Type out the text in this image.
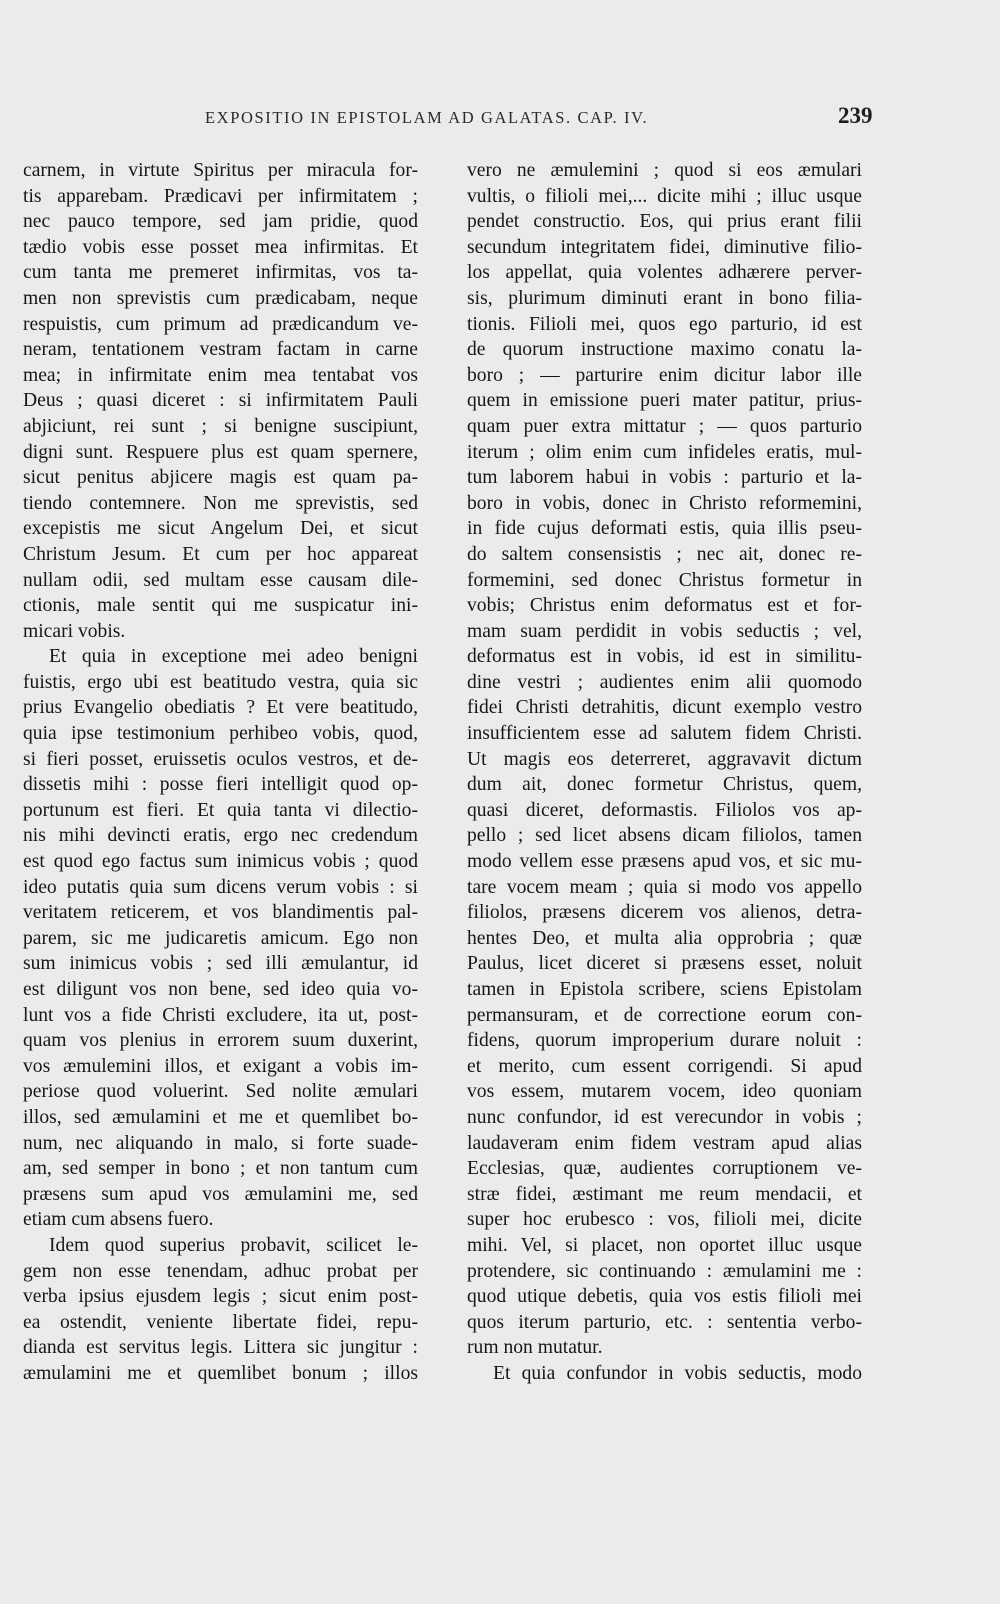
EXPOSITIO IN EPISTOLAM AD GALATAS. CAP. IV.	239
carnem, in virtute Spiritus per miracula for-
tis apparebam. Prædicavi per infirmitatem ;
nec pauco tempore, sed jam pridie, quod
tædio vobis esse posset mea infirmitas. Et
cum tanta me premeret infirmitas, vos ta-
men non sprevistis cum prædicabam, neque
respuistis, cum primum ad prædicandum ve-
neram, tentationem vestram factam in carne
mea; in infirmitate enim mea tentabat vos
Deus ; quasi diceret : si infirmitatem Pauli
abjiciunt, rei sunt ; si benigne suscipiunt,
digni sunt. Respuere plus est quam spernere,
sicut penitus abjicere magis est quam pa-
tiendo contemnere. Non me sprevistis, sed
excepistis me sicut Angelum Dei, et sicut
Christum Jesum. Et cum per hoc appareat
nullam odii, sed multam esse causam dile-
ctionis, male sentit qui me suspicatur ini-
micari vobis.
Et quia in exceptione mei adeo benigni
fuistis, ergo ubi est beatitudo vestra, quia sic
prius Evangelio obediatis ? Et vere beatitudo,
quia ipse testimonium perhibeo vobis, quod,
si fieri posset, eruissetis oculos vestros, et de-
dissetis mihi : posse fieri intelligit quod op-
portunum est fieri. Et quia tanta vi dilectio-
nis mihi devincti eratis, ergo nec credendum
est quod ego factus sum inimicus vobis ; quod
ideo putatis quia sum dicens verum vobis : si
veritatem reticerem, et vos blandimentis pal-
parem, sic me judicaretis amicum. Ego non
sum inimicus vobis ; sed illi æmulantur, id
est diligunt vos non bene, sed ideo quia vo-
lunt vos a fide Christi excludere, ita ut, post-
quam vos plenius in errorem suum duxerint,
vos æmulemini illos, et exigant a vobis im-
periose quod voluerint. Sed nolite æmulari
illos, sed æmulamini et me et quemlibet bo-
num, nec aliquando in malo, si forte suade-
am, sed semper in bono ; et non tantum cum
præsens sum apud vos æmulamini me, sed
etiam cum absens fuero.
Idem quod superius probavit, scilicet le-
gem non esse tenendam, adhuc probat per
verba ipsius ejusdem legis ; sicut enim post-
ea ostendit, veniente libertate fidei, repu-
dianda est servitus legis. Littera sic jungitur :
æmulamini me et quemlibet bonum ; illos
vero ne æmulemini ; quod si eos æmulari
vultis, o filioli mei,... dicite mihi ; illuc usque
pendet constructio. Eos, qui prius erant filii
secundum integritatem fidei, diminutive filio-
los appellat, quia volentes adhærere perver-
sis, plurimum diminuti erant in bono filia-
tionis. Filioli mei, quos ego parturio, id est
de quorum instructione maximo conatu la-
boro ; — parturire enim dicitur labor ille
quem in emissione pueri mater patitur, prius-
quam puer extra mittatur ; — quos parturio
iterum ; olim enim cum infideles eratis, mul-
tum laborem habui in vobis : parturio et la-
boro in vobis, donec in Christo reformemini,
in fide cujus deformati estis, quia illis pseu-
do saltem consensistis ; nec ait, donec re-
formemini, sed donec Christus formetur in
vobis; Christus enim deformatus est et for-
mam suam perdidit in vobis seductis ; vel,
deformatus est in vobis, id est in similitu-
dine vestri ; audientes enim alii quomodo
fidei Christi detrahitis, dicunt exemplo vestro
insufficientem esse ad salutem fidem Christi.
Ut magis eos deterreret, aggravavit dictum
dum ait, donec formetur Christus, quem,
quasi diceret, deformastis. Filiolos vos ap-
pello ; sed licet absens dicam filiolos, tamen
modo vellem esse præsens apud vos, et sic mu-
tare vocem meam ; quia si modo vos appello
filiolos, præsens dicerem vos alienos, detra-
hentes Deo, et multa alia opprobria ; quæ
Paulus, licet diceret si præsens esset, noluit
tamen in Epistola scribere, sciens Epistolam
permansuram, et de correctione eorum con-
fidens, quorum improperium durare noluit :
et merito, cum essent corrigendi. Si apud
vos essem, mutarem vocem, ideo quoniam
nunc confundor, id est verecundor in vobis ;
laudaveram enim fidem vestram apud alias
Ecclesias, quæ, audientes corruptionem ve-
stræ fidei, æstimant me reum mendacii, et
super hoc erubesco : vos, filioli mei, dicite
mihi. Vel, si placet, non oportet illuc usque
protendere, sic continuando : æmulamini me :
quod utique debetis, quia vos estis filioli mei
quos iterum parturio, etc. : sententia verbo-
rum non mutatur.
Et quia confundor in vobis seductis, modo
